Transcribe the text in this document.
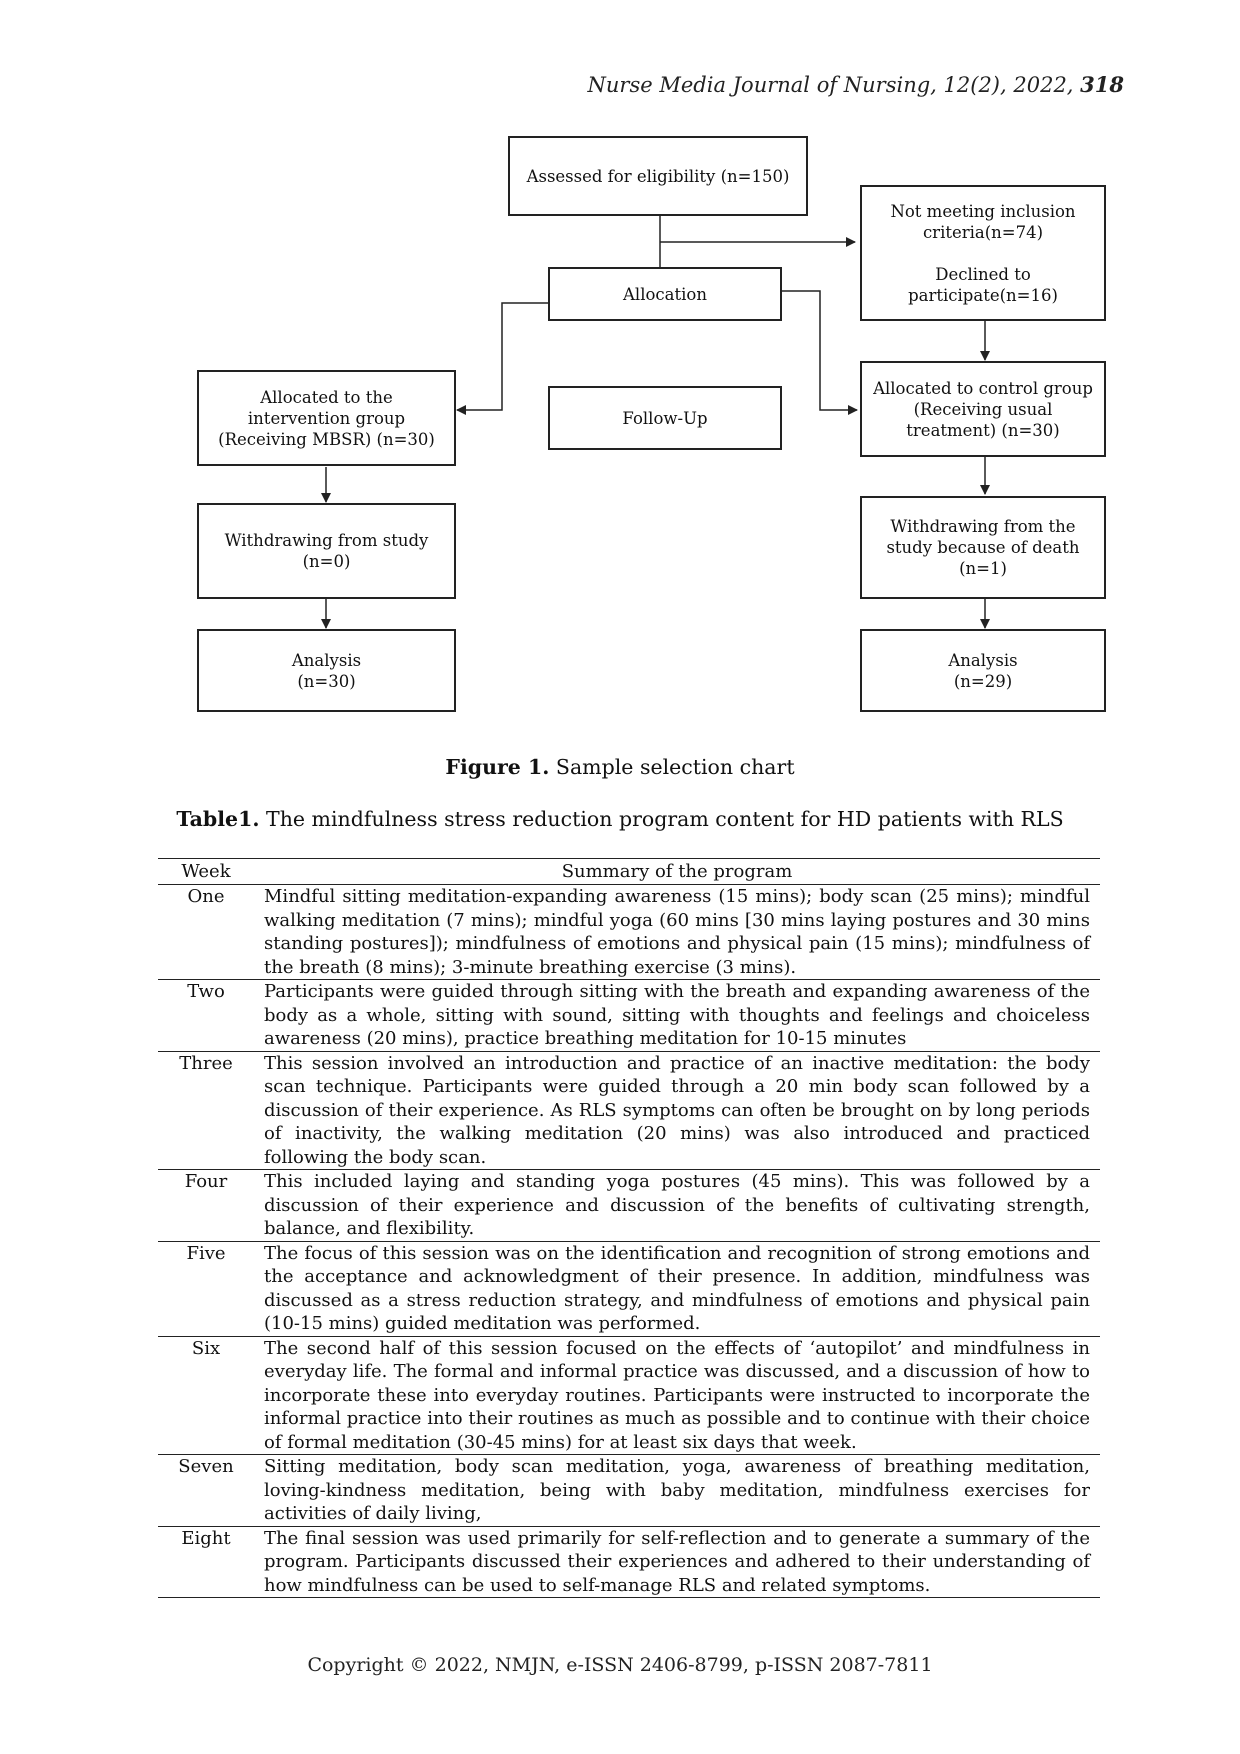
Nurse Media Journal of Nursing, 12(2), 2022, 318
Assessed for eligibility (n=150)
Not meeting inclusion criteria(n=74)

Declined to participate(n=16)
Allocation
Allocated to the intervention group (Receiving MBSR) (n=30)
Follow-Up
Allocated to control group (Receiving usual treatment) (n=30)
Withdrawing from study
(n=0)
Withdrawing from the study because of death
(n=1)
Analysis
(n=30)
Analysis
(n=29)
Figure 1. Sample selection chart
Table1. The mindfulness stress reduction program content for HD patients with RLS
Week	Summary of the program
One	Mindful sitting meditation-expanding awareness (15 mins); body scan (25 mins); mindful walking meditation (7 mins); mindful yoga (60 mins [30 mins laying postures and 30 mins standing postures]); mindfulness of emotions and physical pain (15 mins); mindfulness of the breath (8 mins); 3-minute breathing exercise (3 mins).
Two	Participants were guided through sitting with the breath and expanding awareness of the body as a whole, sitting with sound, sitting with thoughts and feelings and choiceless awareness (20 mins), practice breathing meditation for 10-15 minutes
Three	This session involved an introduction and practice of an inactive meditation: the body scan technique. Participants were guided through a 20 min body scan followed by a discussion of their experience. As RLS symptoms can often be brought on by long periods of inactivity, the walking meditation (20 mins) was also introduced and practiced following the body scan.
Four	This included laying and standing yoga postures (45 mins). This was followed by a discussion of their experience and discussion of the benefits of cultivating strength, balance, and flexibility.
Five	The focus of this session was on the identification and recognition of strong emotions and the acceptance and acknowledgment of their presence. In addition, mindfulness was discussed as a stress reduction strategy, and mindfulness of emotions and physical pain (10-15 mins) guided meditation was performed.
Six	The second half of this session focused on the effects of ‘autopilot’ and mindfulness in everyday life. The formal and informal practice was discussed, and a discussion of how to incorporate these into everyday routines. Participants were instructed to incorporate the informal practice into their routines as much as possible and to continue with their choice of formal meditation (30-45 mins) for at least six days that week.
Seven	Sitting meditation, body scan meditation, yoga, awareness of breathing meditation, loving-kindness meditation, being with baby meditation, mindfulness exercises for activities of daily living,
Eight	The final session was used primarily for self-reflection and to generate a summary of the program. Participants discussed their experiences and adhered to their understanding of how mindfulness can be used to self-manage RLS and related symptoms.
Copyright © 2022, NMJN, e-ISSN 2406-8799, p-ISSN 2087-7811
